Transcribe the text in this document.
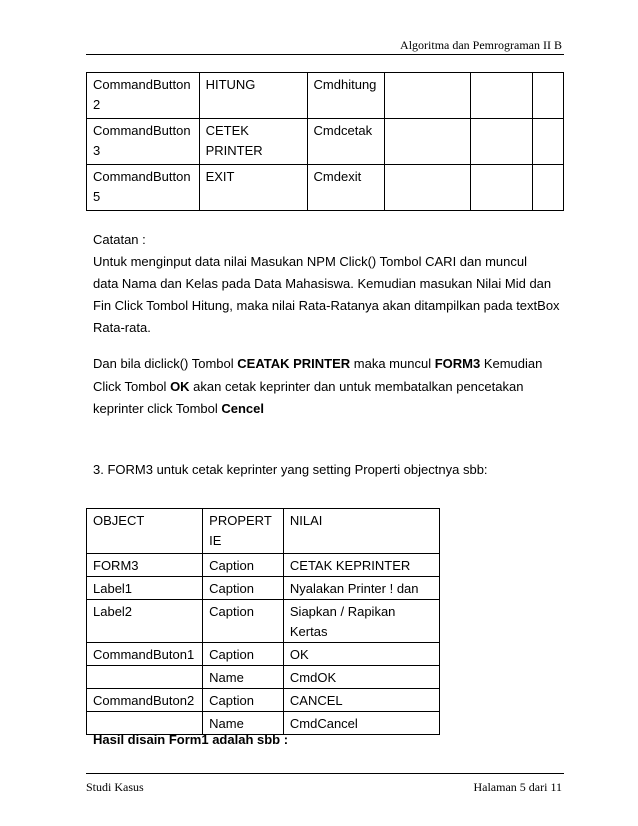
Algoritma dan Pemrograman II B
CommandButton 2	HITUNG	Cmdhitung			
CommandButton 3	CETEK PRINTER	Cmdcetak			
CommandButton 5	EXIT	Cmdexit			
Catatan :
Untuk menginput data nilai Masukan NPM Click() Tombol CARI dan muncul
data Nama dan Kelas pada Data Mahasiswa. Kemudian masukan Nilai Mid dan
Fin Click Tombol Hitung, maka nilai Rata-Ratanya akan ditampilkan pada textBox
Rata-rata.
Dan bila diclick() Tombol CEATAK PRINTER maka muncul FORM3 Kemudian
Click Tombol OK akan cetak keprinter dan untuk membatalkan pencetakan
keprinter click Tombol Cencel
3. FORM3 untuk cetak keprinter yang setting Properti objectnya sbb:
OBJECT	PROPERTIE	NILAI
FORM3	Caption	CETAK KEPRINTER
Label1	Caption	Nyalakan Printer ! dan
Label2	Caption	Siapkan / Rapikan Kertas
CommandButon1	Caption	OK
	Name	CmdOK
CommandButon2	Caption	CANCEL
	Name	CmdCancel
Hasil disain Form1 adalah sbb :
Studi Kasus	Halaman 5 dari 11
